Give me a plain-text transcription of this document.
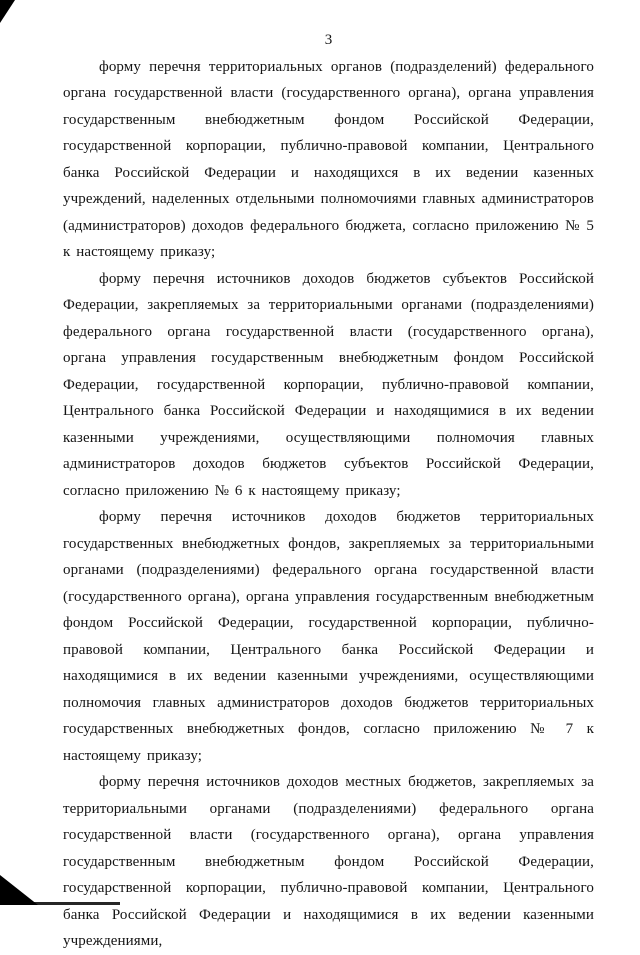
3

форму перечня территориальных органов (подразделений) федерального органа государственной власти (государственного органа), органа управления государственным внебюджетным фондом Российской Федерации, государственной корпорации, публично-правовой компании, Центрального банка Российской Федерации и находящихся в их ведении казенных учреждений, наделенных отдельными полномочиями главных администраторов (администраторов) доходов федерального бюджета, согласно приложению № 5 к настоящему приказу;

форму перечня источников доходов бюджетов субъектов Российской Федерации, закрепляемых за территориальными органами (подразделениями) федерального органа государственной власти (государственного органа), органа управления государственным внебюджетным фондом Российской Федерации, государственной корпорации, публично-правовой компании, Центрального банка Российской Федерации и находящимися в их ведении казенными учреждениями, осуществляющими полномочия главных администраторов доходов бюджетов субъектов Российской Федерации, согласно приложению № 6 к настоящему приказу;

форму перечня источников доходов бюджетов территориальных государственных внебюджетных фондов, закрепляемых за территориальными органами (подразделениями) федерального органа государственной власти (государственного органа), органа управления государственным внебюджетным фондом Российской Федерации, государственной корпорации, публично-правовой компании, Центрального банка Российской Федерации и находящимися в их ведении казенными учреждениями, осуществляющими полномочия главных администраторов доходов бюджетов территориальных государственных внебюджетных фондов, согласно приложению № 7 к настоящему приказу;

форму перечня источников доходов местных бюджетов, закрепляемых за территориальными органами (подразделениями) федерального органа государственной власти (государственного органа), органа управления государственным внебюджетным фондом Российской Федерации, государственной корпорации, публично-правовой компании, Центрального банка Российской Федерации и находящимися в их ведении казенными учреждениями,
